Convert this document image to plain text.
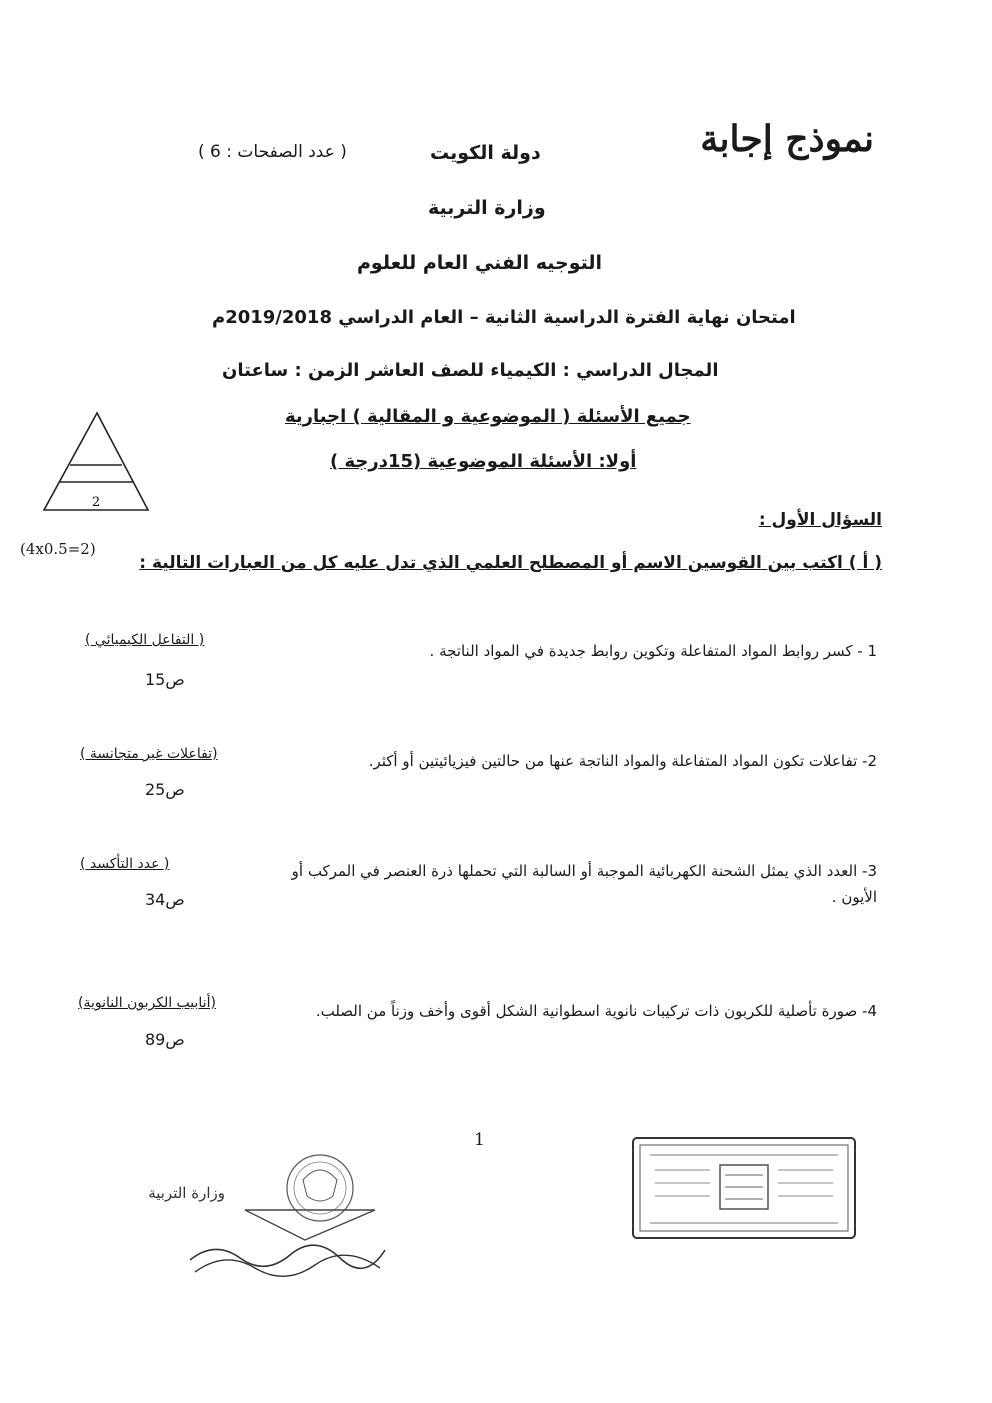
نموذج إجابة
دولة الكويت
( عدد الصفحات : 6 )
وزارة التربية
التوجيه الفني العام للعلوم
امتحان نهاية الفترة الدراسية الثانية – العام الدراسي 2019/2018م
المجال الدراسي : الكيمياء للصف العاشر الزمن : ساعتان
جميع الأسئلة ( الموضوعية و المقالية ) اجبارية
أولا: الأسئلة الموضوعية (15درجة )
2
السؤال الأول :
(4x0.5=2)
( أ ) اكتب بين القوسين الاسم أو المصطلح العلمي الذي تدل عليه كل من العبارات التالية :
1 - كسر روابط المواد المتفاعلة وتكوين روابط جديدة في المواد الناتجة .
( التفاعل الكيميائي )
ص15
2- تفاعلات تكون المواد المتفاعلة والمواد الناتجة عنها من حالتين فيزيائيتين أو أكثر.
(تفاعلات غير متجانسة )
ص25
3- العدد الذي يمثل الشحنة الكهربائية الموجبة أو السالبة التي تحملها ذرة العنصر في المركب أو الأيون .
( عدد التأكسد )
ص34
4- صورة تأصلية للكربون ذات تركيبات نانوية اسطوانية الشكل أقوى وأخف وزناً من الصلب.
(أنابيب الكربون النانوية)
ص89
1
وزارة التربية
